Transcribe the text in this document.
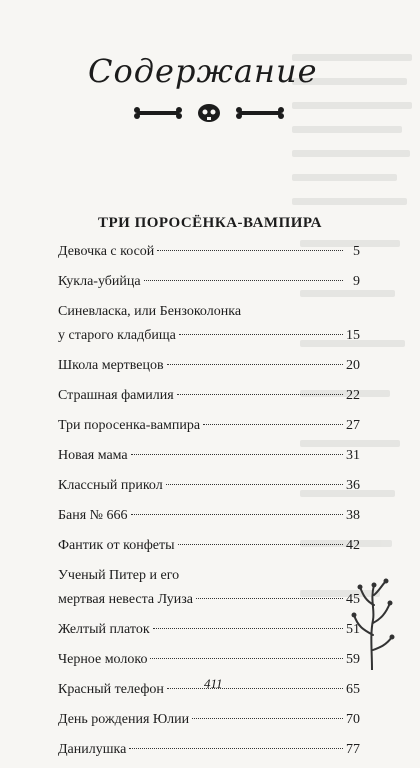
Содержание
ТРИ ПОРОСЁНКА-ВАМПИРА
Девочка с косой	5
Кукла-убийца	9
Синевласка, или Бензоколонка
у старого кладбища	15
Школа мертвецов	20
Страшная фамилия	22
Три поросенка-вампира	27
Новая мама	31
Классный прикол	36
Баня № 666	38
Фантик от конфеты	42
Ученый Питер и его
мертвая невеста Луиза	45
Желтый платок	51
Черное молоко	59
Красный телефон	65
День рождения Юлии	70
Данилушка	77
411
